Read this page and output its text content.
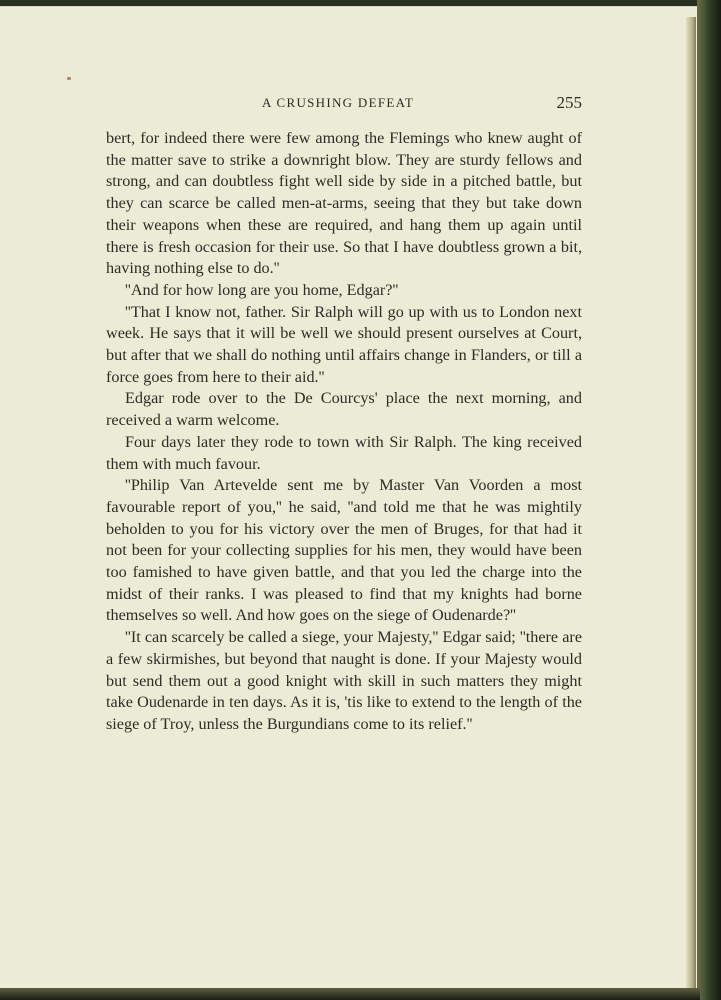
A CRUSHING DEFEAT	255

bert, for indeed there were few among the Flemings who knew aught of the matter save to strike a downright blow. They are sturdy fellows and strong, and can doubtless fight well side by side in a pitched battle, but they can scarce be called men-at-arms, seeing that they but take down their weapons when these are required, and hang them up again until there is fresh occasion for their use. So that I have doubtless grown a bit, having nothing else to do.''

''And for how long are you home, Edgar?''

''That I know not, father. Sir Ralph will go up with us to London next week. He says that it will be well we should present ourselves at Court, but after that we shall do nothing until affairs change in Flanders, or till a force goes from here to their aid.''

Edgar rode over to the De Courcys' place the next morning, and received a warm welcome.

Four days later they rode to town with Sir Ralph. The king received them with much favour.

''Philip Van Artevelde sent me by Master Van Voorden a most favourable report of you,'' he said, ''and told me that he was mightily beholden to you for his victory over the men of Bruges, for that had it not been for your collecting supplies for his men, they would have been too famished to have given battle, and that you led the charge into the midst of their ranks. I was pleased to find that my knights had borne themselves so well. And how goes on the siege of Oudenarde?''

''It can scarcely be called a siege, your Majesty,'' Edgar said; ''there are a few skirmishes, but beyond that naught is done. If your Majesty would but send them out a good knight with skill in such matters they might take Oudenarde in ten days. As it is, 'tis like to extend to the length of the siege of Troy, unless the Burgundians come to its relief.''
